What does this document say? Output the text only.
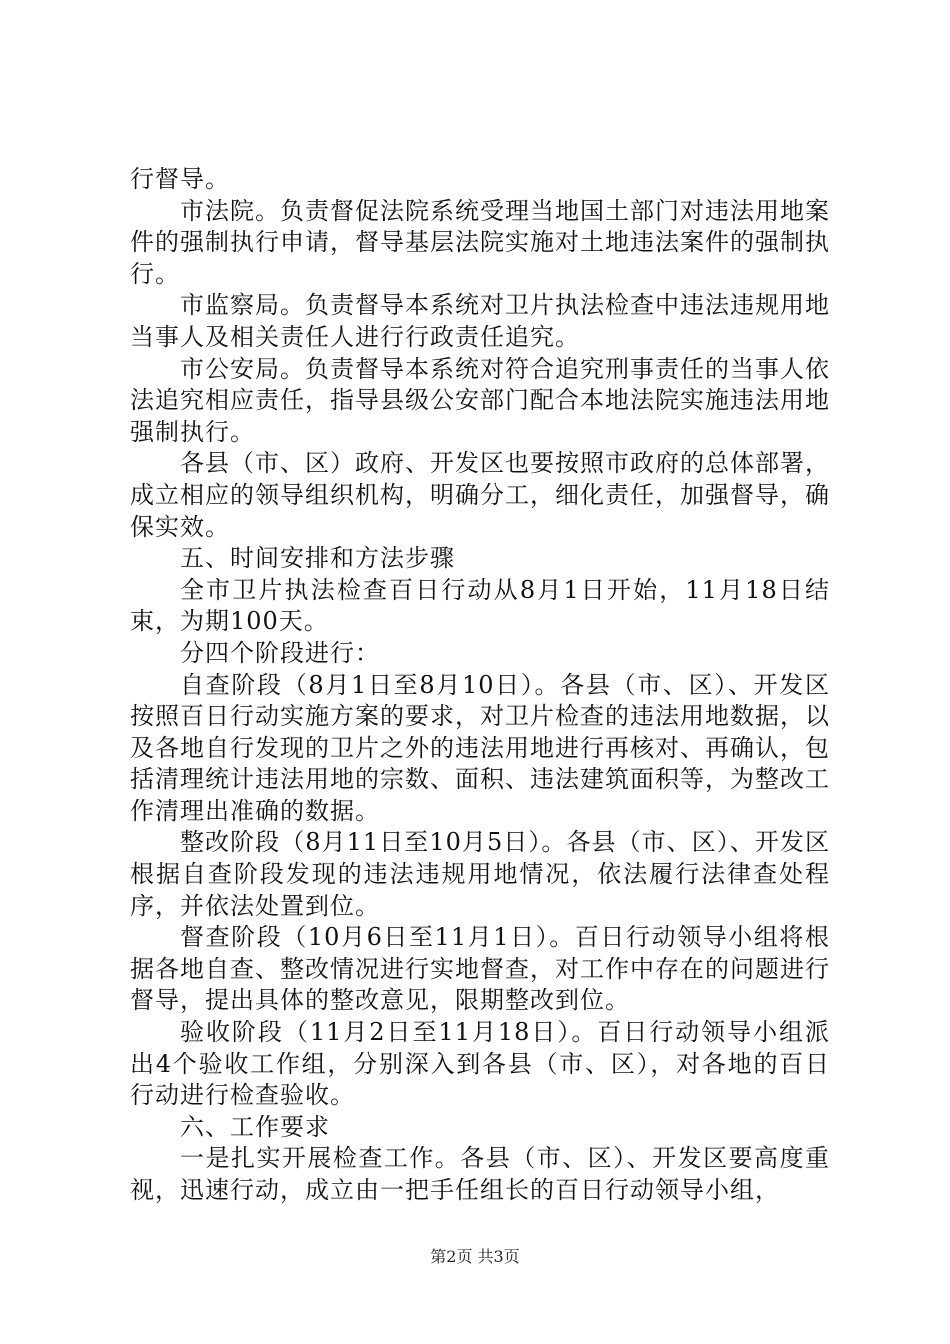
行督导。

市法院。负责督促法院系统受理当地国土部门对违法用地案件的强制执行申请，督导基层法院实施对土地违法案件的强制执行。

市监察局。负责督导本系统对卫片执法检查中违法违规用地当事人及相关责任人进行行政责任追究。

市公安局。负责督导本系统对符合追究刑事责任的当事人依法追究相应责任，指导县级公安部门配合本地法院实施违法用地强制执行。

各县（市、区）政府、开发区也要按照市政府的总体部署，成立相应的领导组织机构，明确分工，细化责任，加强督导，确保实效。

五、时间安排和方法步骤

全市卫片执法检查百日行动从8月1日开始，11月18日结束，为期100天。

分四个阶段进行：

自查阶段（8月1日至8月10日）。各县（市、区）、开发区按照百日行动实施方案的要求，对卫片检查的违法用地数据，以及各地自行发现的卫片之外的违法用地进行再核对、再确认，包括清理统计违法用地的宗数、面积、违法建筑面积等，为整改工作清理出准确的数据。

整改阶段（8月11日至10月5日）。各县（市、区）、开发区根据自查阶段发现的违法违规用地情况，依法履行法律查处程序，并依法处置到位。

督查阶段（10月6日至11月1日）。百日行动领导小组将根据各地自查、整改情况进行实地督查，对工作中存在的问题进行督导，提出具体的整改意见，限期整改到位。

验收阶段（11月2日至11月18日）。百日行动领导小组派出4个验收工作组，分别深入到各县（市、区），对各地的百日行动进行检查验收。

六、工作要求

一是扎实开展检查工作。各县（市、区）、开发区要高度重视，迅速行动，成立由一把手任组长的百日行动领导小组，

第2页 共3页
